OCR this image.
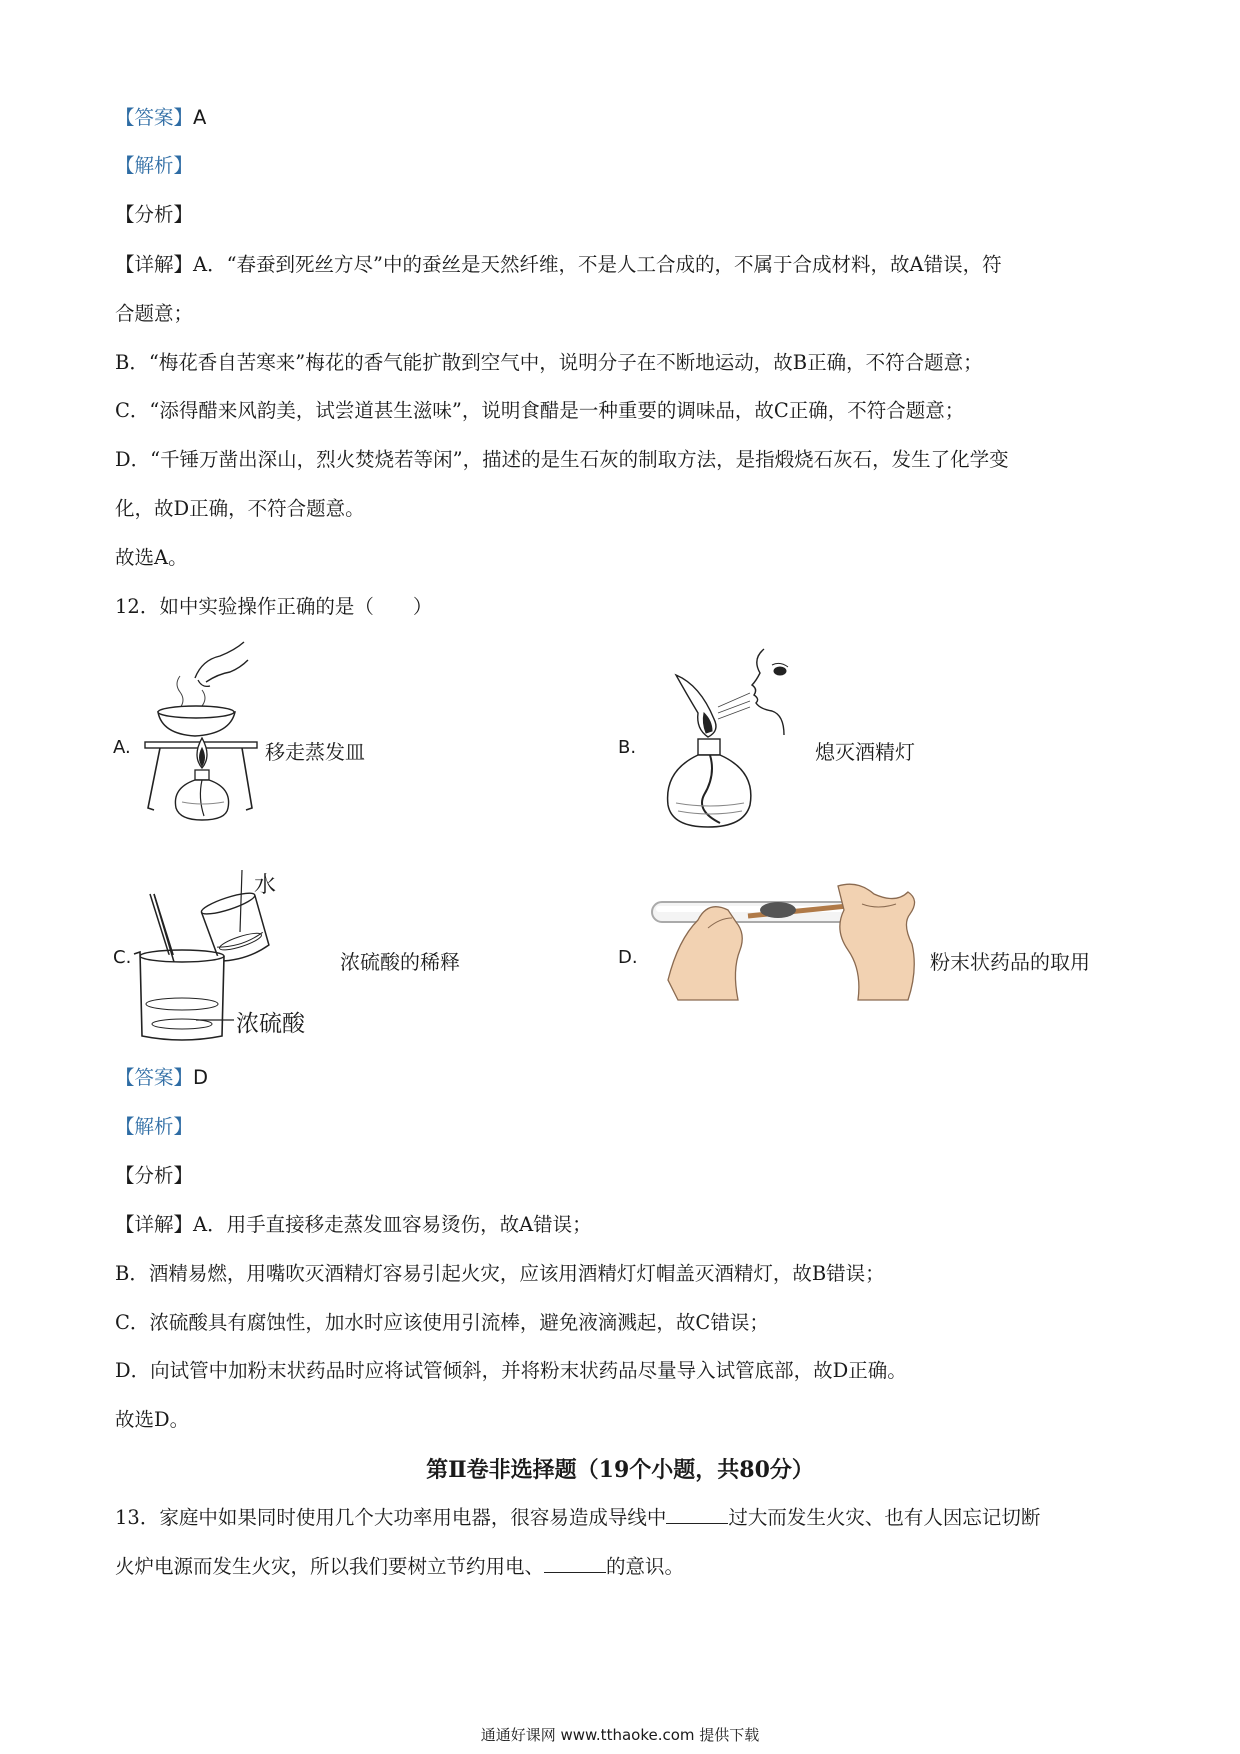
【答案】A
【解析】
【分析】
【详解】A．“春蚕到死丝方尽”中的蚕丝是天然纤维，不是人工合成的，不属于合成材料，故A错误，符
合题意；
B．“梅花香自苦寒来”梅花的香气能扩散到空气中，说明分子在不断地运动，故B正确，不符合题意；
C．“添得醋来风韵美，试尝道甚生滋味”，说明食醋是一种重要的调味品，故C正确，不符合题意；
D．“千锤万凿出深山，烈火焚烧若等闲”，描述的是生石灰的制取方法，是指煅烧石灰石，发生了化学变
化，故D正确，不符合题意。
故选A。
12．如中实验操作正确的是（　　）
A.	移走蒸发皿	B.	熄灭酒精灯
C.
水
浓硫酸
浓硫酸的稀释	D.	粉末状药品的取用
【答案】D
【解析】
【分析】
【详解】A．用手直接移走蒸发皿容易烫伤，故A错误；
B．酒精易燃，用嘴吹灭酒精灯容易引起火灾，应该用酒精灯灯帽盖灭酒精灯，故B错误；
C．浓硫酸具有腐蚀性，加水时应该使用引流棒，避免液滴溅起，故C错误；
D．向试管中加粉末状药品时应将试管倾斜，并将粉末状药品尽量导入试管底部，故D正确。
故选D。
第Ⅱ卷非选择题（19个小题，共80分）
13．家庭中如果同时使用几个大功率用电器，很容易造成导线中	过大而发生火灾、也有人因忘记切断
火炉电源而发生火灾，所以我们要树立节约用电、	的意识。
通通好课网 www.tthaoke.com 提供下载
